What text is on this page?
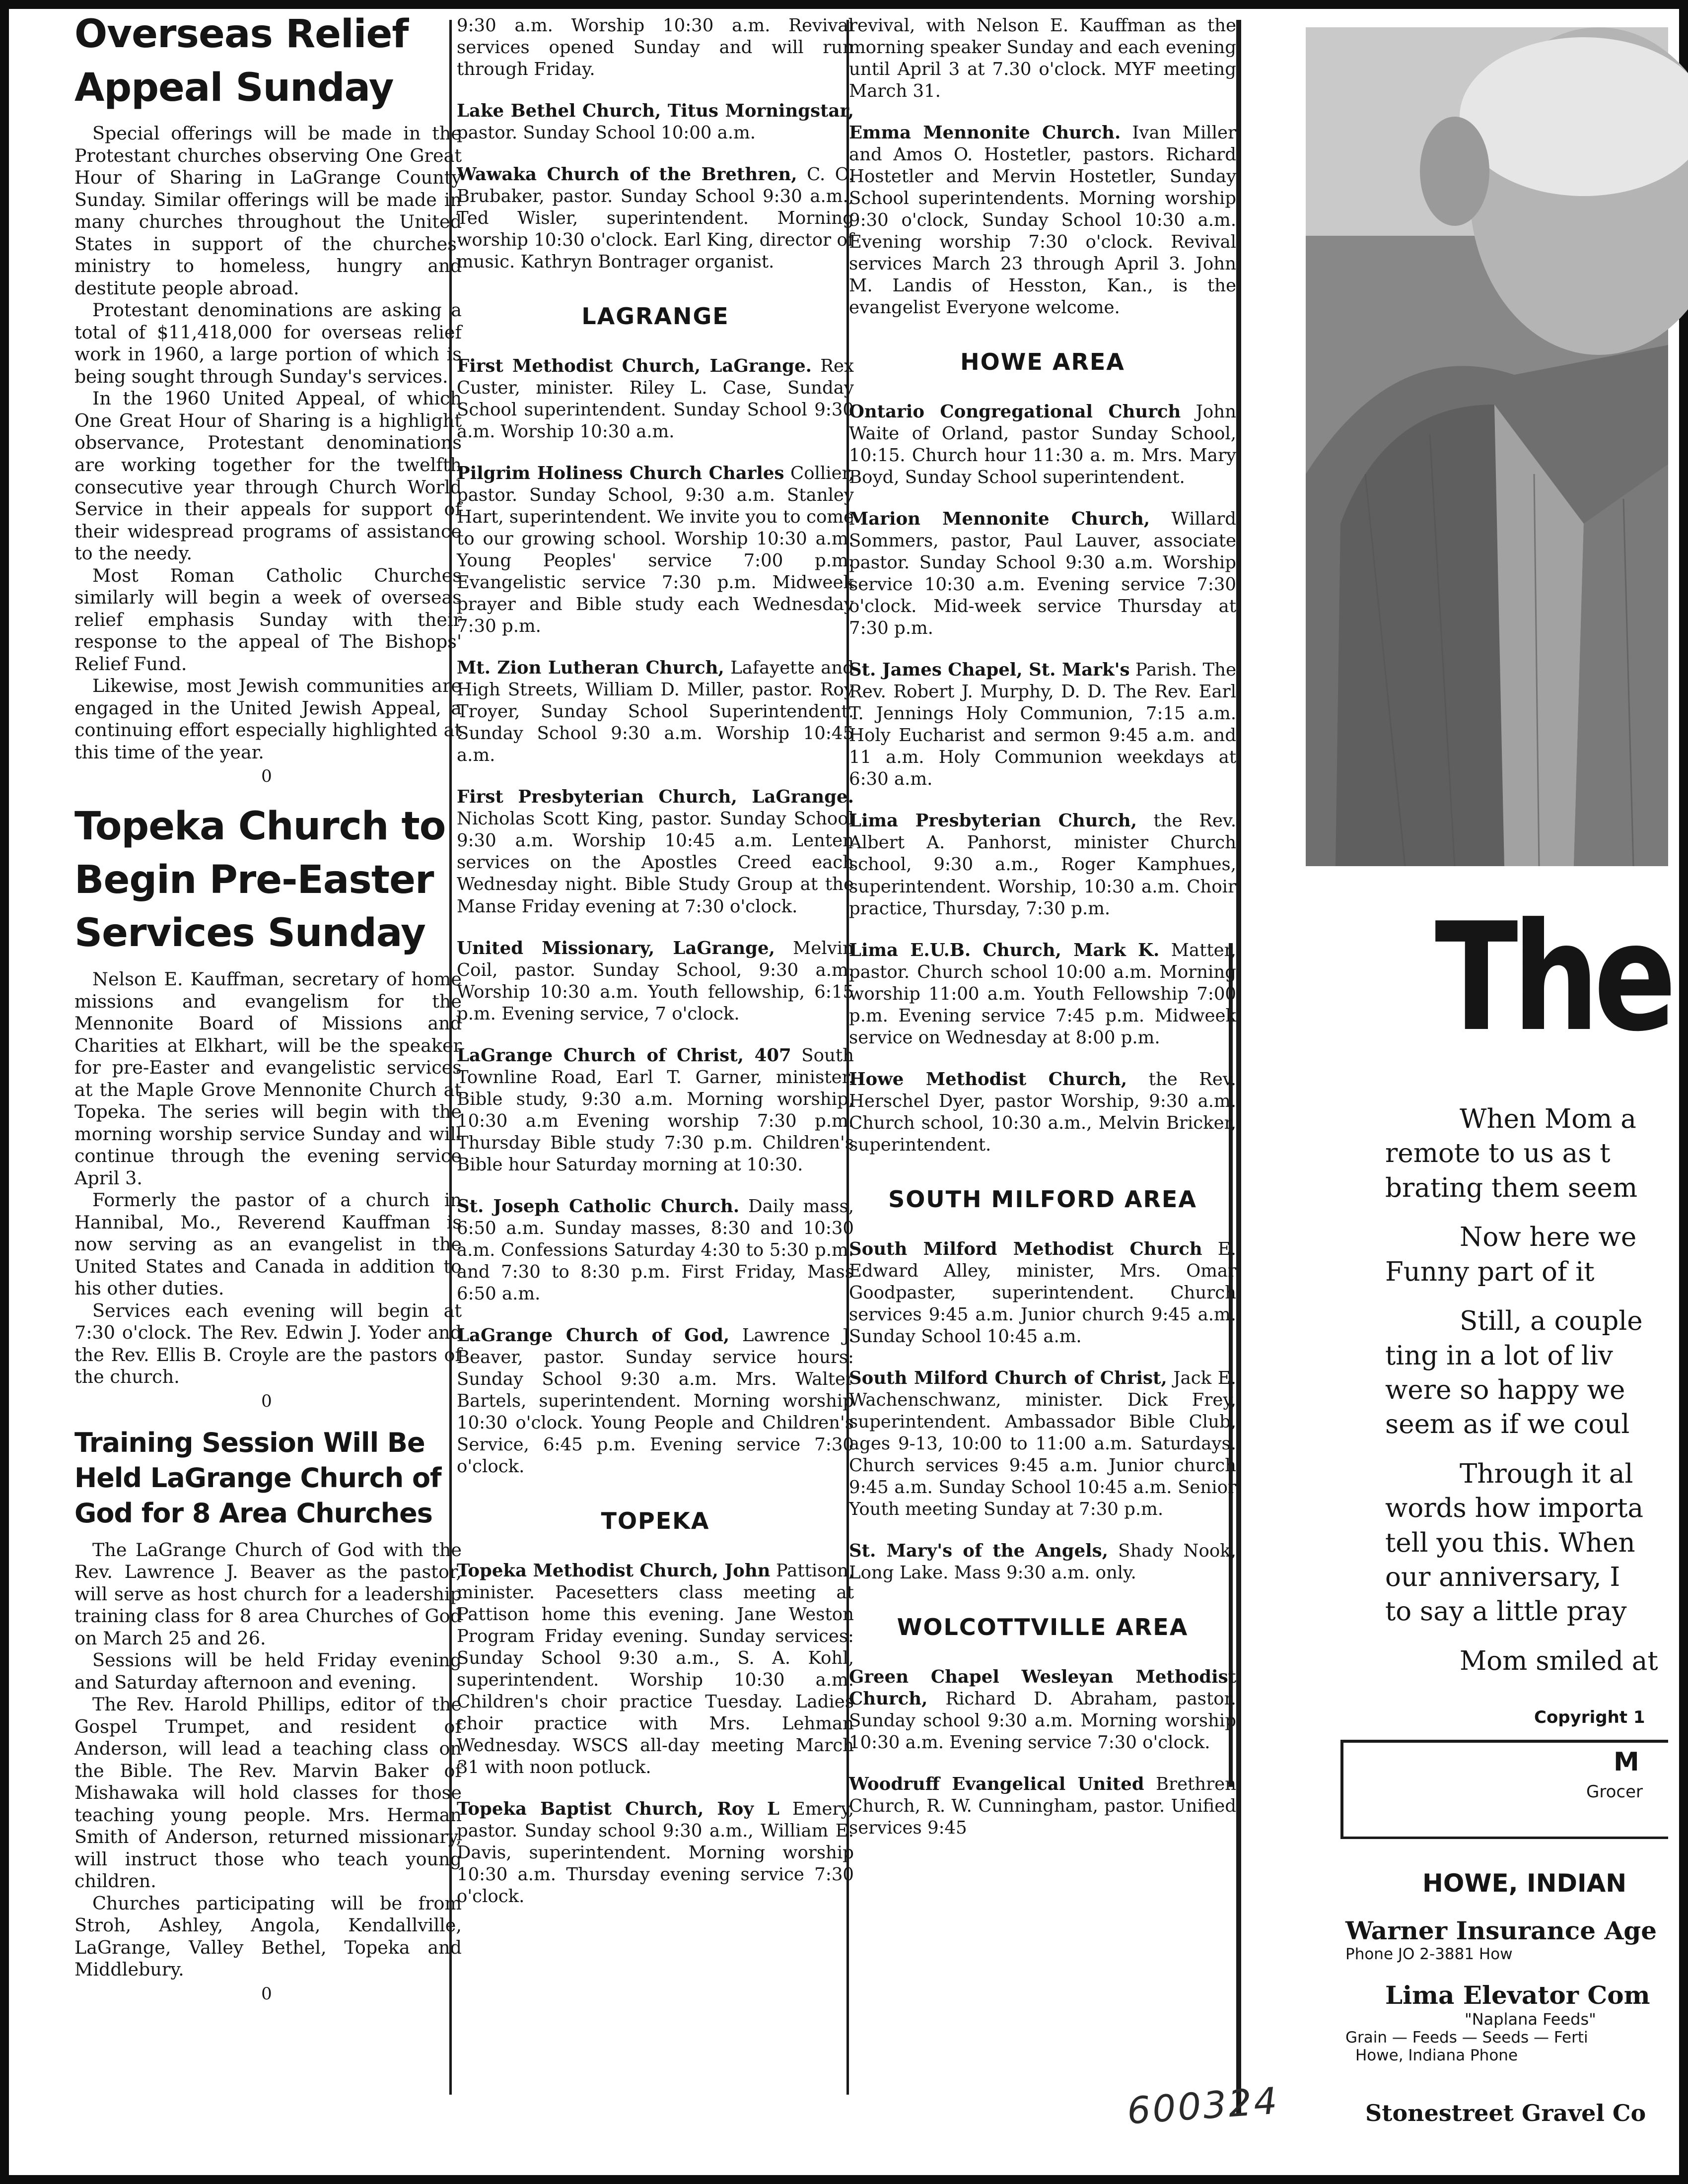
Overseas Relief Appeal Sunday

Special offerings will be made in the Protestant churches observing One Great Hour of Sharing in LaGrange County Sunday. Similar offerings will be made in many churches throughout the United States in support of the churches' ministry to homeless, hungry and destitute people abroad.

Protestant denominations are asking a total of $11,418,000 for overseas relief work in 1960, a large portion of which is being sought through Sunday's services.

In the 1960 United Appeal, of which One Great Hour of Sharing is a highlight observance, Protestant denominations are working together for the twelfth consecutive year through Church World Service in their appeals for support of their widespread programs of assistance to the needy.

Most Roman Catholic Churches similarly will begin a week of overseas relief emphasis Sunday with their response to the appeal of The Bishops' Relief Fund.

Likewise, most Jewish communities are engaged in the United Jewish Appeal, a continuing effort especially highlighted at this time of the year.

0
Topeka Church to Begin Pre-Easter Services Sunday

Nelson E. Kauffman, secretary of home missions and evangelism for the Mennonite Board of Missions and Charities at Elkhart, will be the speaker for pre-Easter and evangelistic services at the Maple Grove Mennonite Church at Topeka. The series will begin with the morning worship service Sunday and will continue through the evening service April 3.

Formerly the pastor of a church in Hannibal, Mo., Reverend Kauffman is now serving as an evangelist in the United States and Canada in addition to his other duties.

Services each evening will begin at 7:30 o'clock. The Rev. Edwin J. Yoder and the Rev. Ellis B. Croyle are the pastors of the church.

0
Training Session Will Be Held LaGrange Church of God for 8 Area Churches

The LaGrange Church of God with the Rev. Lawrence J. Beaver as the pastor, will serve as host church for a leadership training class for 8 area Churches of God on March 25 and 26.

Sessions will be held Friday evening and Saturday afternoon and evening.

The Rev. Harold Phillips, editor of the Gospel Trumpet, and resident of Anderson, will lead a teaching class on the Bible. The Rev. Marvin Baker of Mishawaka will hold classes for those teaching young people. Mrs. Herman Smith of Anderson, returned missionary, will instruct those who teach young children.

Churches participating will be from Stroh, Ashley, Angola, Kendallville, LaGrange, Valley Bethel, Topeka and Middlebury.

0

9:30 a.m. Worship 10:30 a.m. Revival services opened Sunday and will run through Friday.

Lake Bethel Church, Titus Morningstar, pastor. Sunday School 10:00 a.m.

Wawaka Church of the Brethren, C. O. Brubaker, pastor. Sunday School 9:30 a.m., Ted Wisler, superintendent. Morning worship 10:30 o'clock. Earl King, director of music. Kathryn Bontrager organist.

LAGRANGE

First Methodist Church, LaGrange. Rex Custer, minister. Riley L. Case, Sunday School superintendent. Sunday School 9:30 a.m. Worship 10:30 a.m.

Pilgrim Holiness Church Charles Collier, pastor. Sunday School, 9:30 a.m. Stanley Hart, superintendent. We invite you to come to our growing school. Worship 10:30 a.m. Young Peoples' service 7:00 p.m. Evangelistic service 7:30 p.m. Midweek prayer and Bible study each Wednesday 7:30 p.m.

Mt. Zion Lutheran Church, Lafayette and High Streets, William D. Miller, pastor. Roy Troyer, Sunday School Superintendent. Sunday School 9:30 a.m. Worship 10:45 a.m.

First Presbyterian Church, LaGrange. Nicholas Scott King, pastor. Sunday School 9:30 a.m. Worship 10:45 a.m. Lenten services on the Apostles Creed each Wednesday night. Bible Study Group at the Manse Friday evening at 7:30 o'clock.

United Missionary, LaGrange, Melvin Coil, pastor. Sunday School, 9:30 a.m. Worship 10:30 a.m. Youth fellowship, 6:15 p.m. Evening service, 7 o'clock.

LaGrange Church of Christ, 407 South Townline Road, Earl T. Garner, minister. Bible study, 9:30 a.m. Morning worship, 10:30 a.m Evening worship 7:30 p.m. Thursday Bible study 7:30 p.m. Children's Bible hour Saturday morning at 10:30.

St. Joseph Catholic Church. Daily mass, 6:50 a.m. Sunday masses, 8:30 and 10:30 a.m. Confessions Saturday 4:30 to 5:30 p.m. and 7:30 to 8:30 p.m. First Friday, Mass 6:50 a.m.

LaGrange Church of God, Lawrence J. Beaver, pastor. Sunday service hours: Sunday School 9:30 a.m. Mrs. Walter Bartels, superintendent. Morning worship 10:30 o'clock. Young People and Children's Service, 6:45 p.m. Evening service 7:30 o'clock.

TOPEKA

Topeka Methodist Church, John Pattison, minister. Pacesetters class meeting at Pattison home this evening. Jane Weston Program Friday evening. Sunday services: Sunday School 9:30 a.m., S. A. Kohl, superintendent. Worship 10:30 a.m. Children's choir practice Tuesday. Ladies choir practice with Mrs. Lehman Wednesday. WSCS all-day meeting March 31 with noon potluck.

Topeka Baptist Church, Roy L Emery, pastor. Sunday school 9:30 a.m., William E. Davis, superintendent. Morning worship 10:30 a.m. Thursday evening service 7:30 o'clock.

revival, with Nelson E. Kauffman as the morning speaker Sunday and each evening until April 3 at 7.30 o'clock. MYF meeting March 31.

Emma Mennonite Church. Ivan Miller and Amos O. Hostetler, pastors. Richard Hostetler and Mervin Hostetler, Sunday School superintendents. Morning worship 9:30 o'clock, Sunday School 10:30 a.m. Evening worship 7:30 o'clock. Revival services March 23 through April 3. John M. Landis of Hesston, Kan., is the evangelist Everyone welcome.

HOWE AREA

Ontario Congregational Church John Waite of Orland, pastor Sunday School, 10:15. Church hour 11:30 a. m. Mrs. Mary Boyd, Sunday School superintendent.

Marion Mennonite Church, Willard Sommers, pastor, Paul Lauver, associate pastor. Sunday School 9:30 a.m. Worship service 10:30 a.m. Evening service 7:30 o'clock. Mid-week service Thursday at 7:30 p.m.

St. James Chapel, St. Mark's Parish. The Rev. Robert J. Murphy, D. D. The Rev. Earl T. Jennings Holy Communion, 7:15 a.m. Holy Eucharist and sermon 9:45 a.m. and 11 a.m. Holy Communion weekdays at 6:30 a.m.

Lima Presbyterian Church, the Rev. Albert A. Panhorst, minister Church school, 9:30 a.m., Roger Kamphues, superintendent. Worship, 10:30 a.m. Choir practice, Thursday, 7:30 p.m.

Lima E.U.B. Church, Mark K. Matter, pastor. Church school 10:00 a.m. Morning worship 11:00 a.m. Youth Fellowship 7:00 p.m. Evening service 7:45 p.m. Midweek service on Wednesday at 8:00 p.m.

Howe Methodist Church, the Rev. Herschel Dyer, pastor Worship, 9:30 a.m. Church school, 10:30 a.m., Melvin Bricker, superintendent.

SOUTH MILFORD AREA

South Milford Methodist Church E. Edward Alley, minister, Mrs. Omar Goodpaster, superintendent. Church services 9:45 a.m. Junior church 9:45 a.m. Sunday School 10:45 a.m.

South Milford Church of Christ, Jack E. Wachenschwanz, minister. Dick Frey, superintendent. Ambassador Bible Club, ages 9-13, 10:00 to 11:00 a.m. Saturdays. Church services 9:45 a.m. Junior church 9:45 a.m. Sunday School 10:45 a.m. Senior Youth meeting Sunday at 7:30 p.m.

St. Mary's of the Angels, Shady Nook, Long Lake. Mass 9:30 a.m. only.

WOLCOTTVILLE AREA

Green Chapel Wesleyan Methodist Church, Richard D. Abraham, pastor. Sunday school 9:30 a.m. Morning worship 10:30 a.m. Evening service 7:30 o'clock.

Woodruff Evangelical United Brethren Church, R. W. Cunningham, pastor. Unified services 9:45

The

When Mom a

remote to us as t

brating them seem

Now here we

Funny part of it

Still, a couple

ting in a lot of liv

were so happy we

seem as if we coul

Through it al

words how importa

tell you this. When

our anniversary, I

to say a little pray

Mom smiled at

Copyright 1
M
Grocer
HOWE, INDIAN
Warner Insurance Age
Phone JO 2-3881 How
Lima Elevator Com
"Naplana Feeds"
Grain — Feeds — Seeds — Ferti
Howe, Indiana Phone
Stonestreet Gravel Co
600324
